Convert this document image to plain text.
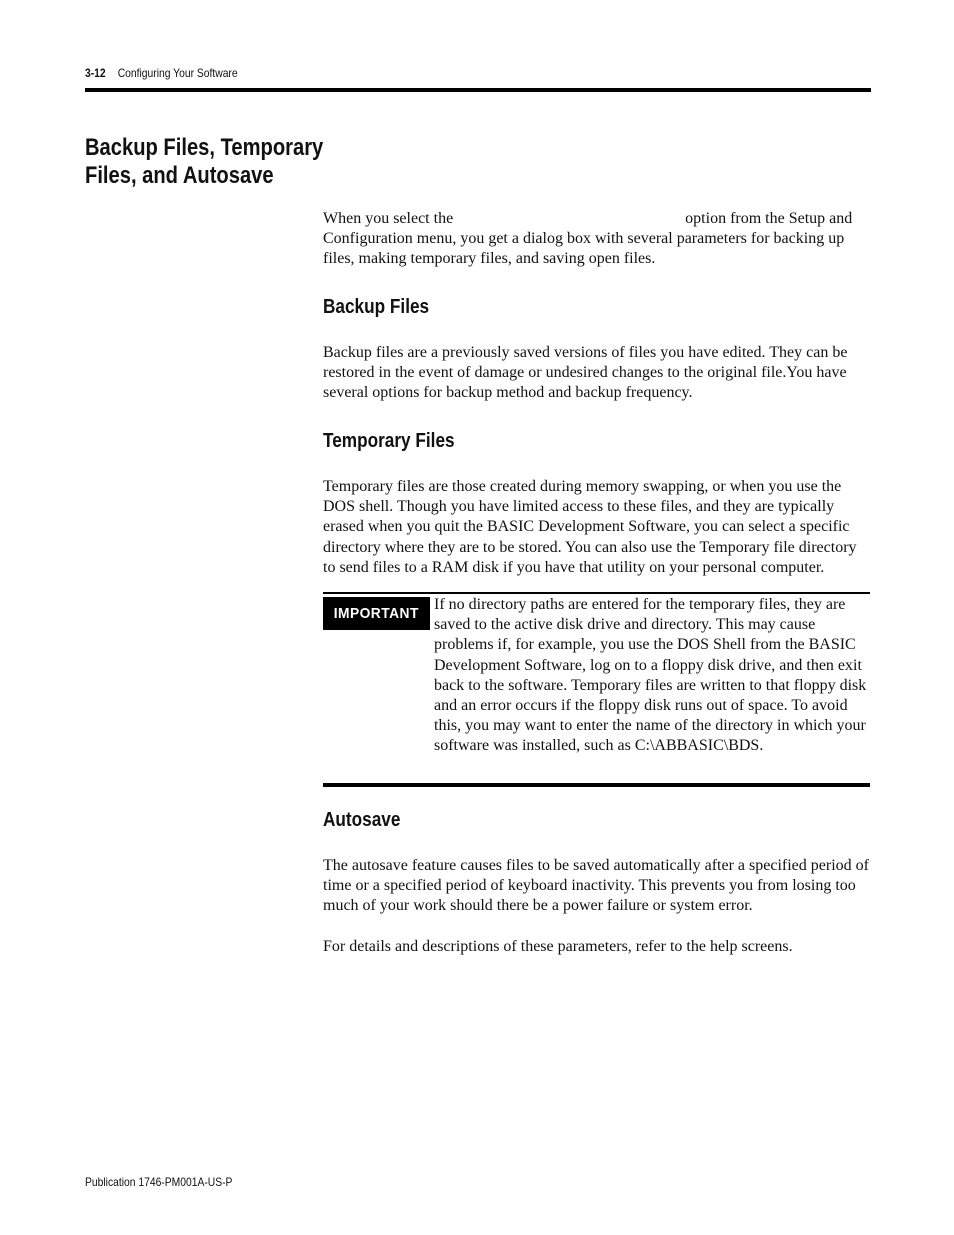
3-12 Configuring Your Software
Backup Files, Temporary
Files, and Autosave

When you select the	option from the Setup and Configuration menu, you get a dialog box with several parameters for backing up files, making temporary files, and saving open files.

Backup Files

Backup files are a previously saved versions of files you have edited. They can be restored in the event of damage or undesired changes to the original file.You have several options for backup method and backup frequency.

Temporary Files

Temporary files are those created during memory swapping, or when you use the DOS shell. Though you have limited access to these files, and they are typically erased when you quit the BASIC Development Software, you can select a specific directory where they are to be stored. You can also use the Temporary file directory to send files to a RAM disk if you have that utility on your personal computer.

IMPORTANT

If no directory paths are entered for the temporary files, they are saved to the active disk drive and directory. This may cause problems if, for example, you use the DOS Shell from the BASIC Development Software, log on to a floppy disk drive, and then exit back to the software. Temporary files are written to that floppy disk and an error occurs if the floppy disk runs out of space. To avoid this, you may want to enter the name of the directory in which your software was installed, such as C:\ABBASIC\BDS.

Autosave

The autosave feature causes files to be saved automatically after a specified period of time or a specified period of keyboard inactivity. This prevents you from losing too much of your work should there be a power failure or system error.

For details and descriptions of these parameters, refer to the help screens.

Publication 1746-PM001A-US-P
